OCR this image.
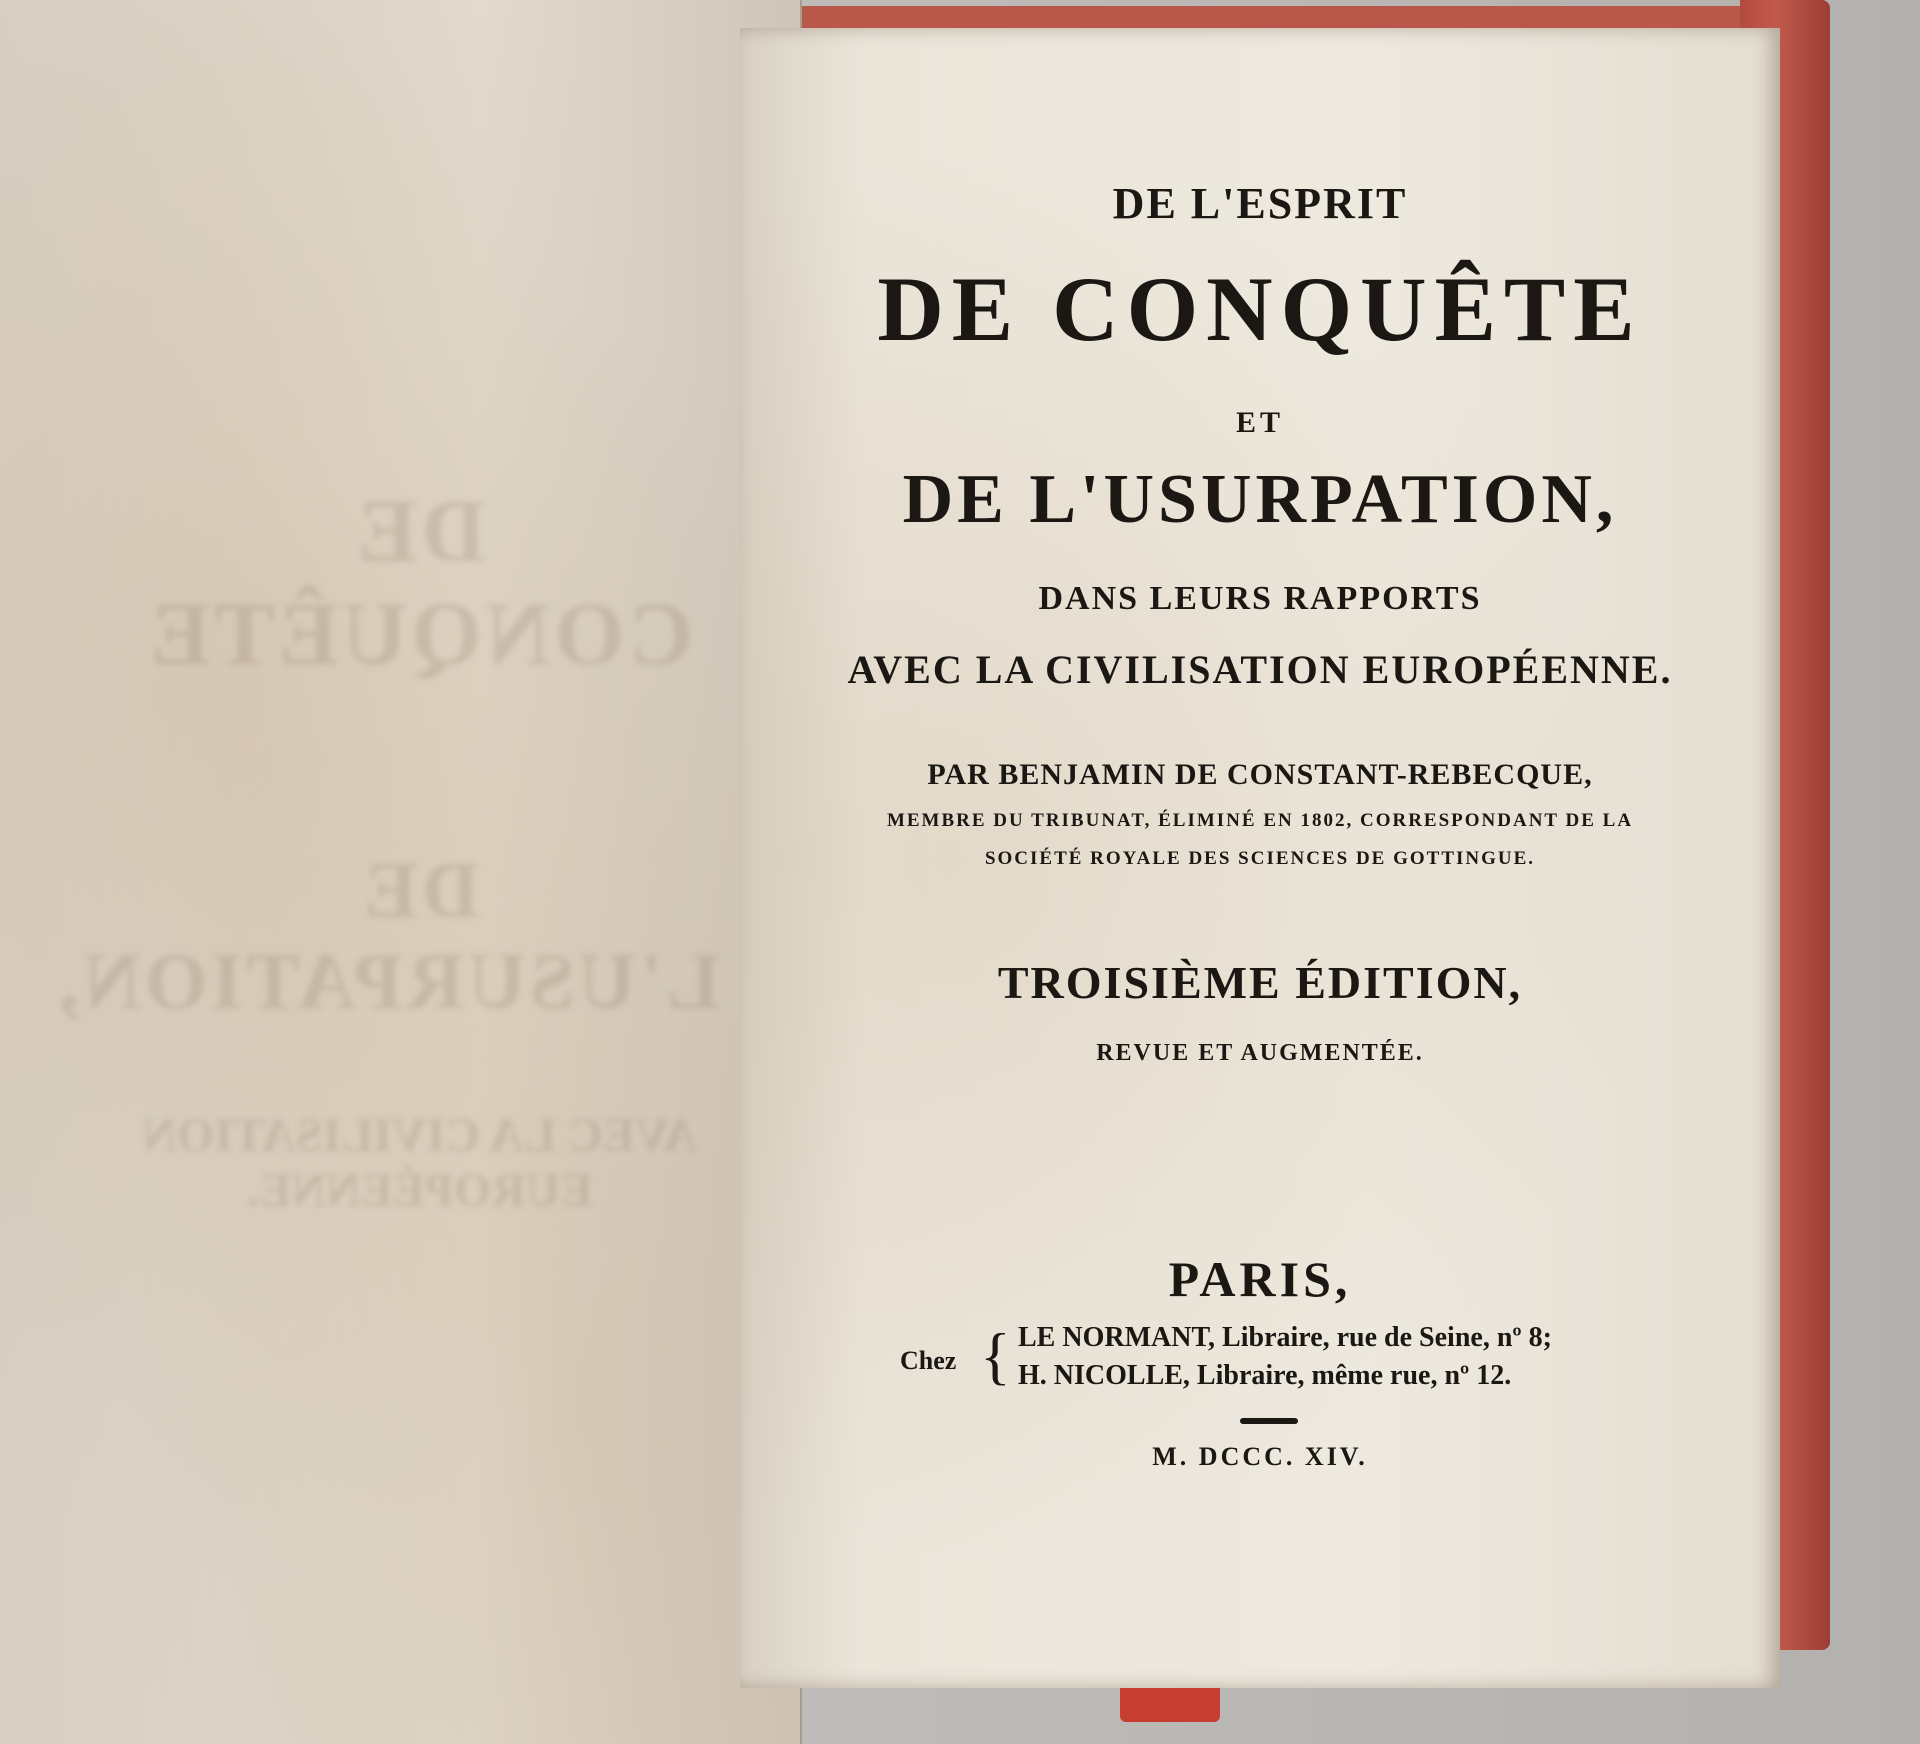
DE CONQUÊTE
DE L'USURPATION,
AVEC LA CIVILISATION EUROPÉENNE.
DE L'ESPRIT
DE CONQUÊTE
ET
DE L'USURPATION,
DANS LEURS RAPPORTS
AVEC LA CIVILISATION EUROPÉENNE.
PAR BENJAMIN DE CONSTANT-REBECQUE,
MEMBRE DU TRIBUNAT, ÉLIMINÉ EN 1802, CORRESPONDANT DE LA
SOCIÉTÉ ROYALE DES SCIENCES DE GOTTINGUE.
TROISIÈME ÉDITION,
REVUE ET AUGMENTÉE.
PARIS,
Chez { LE NORMANT, Libraire, rue de Seine, nº 8;
H. NICOLLE, Libraire, même rue, nº 12.
M. DCCC. XIV.
